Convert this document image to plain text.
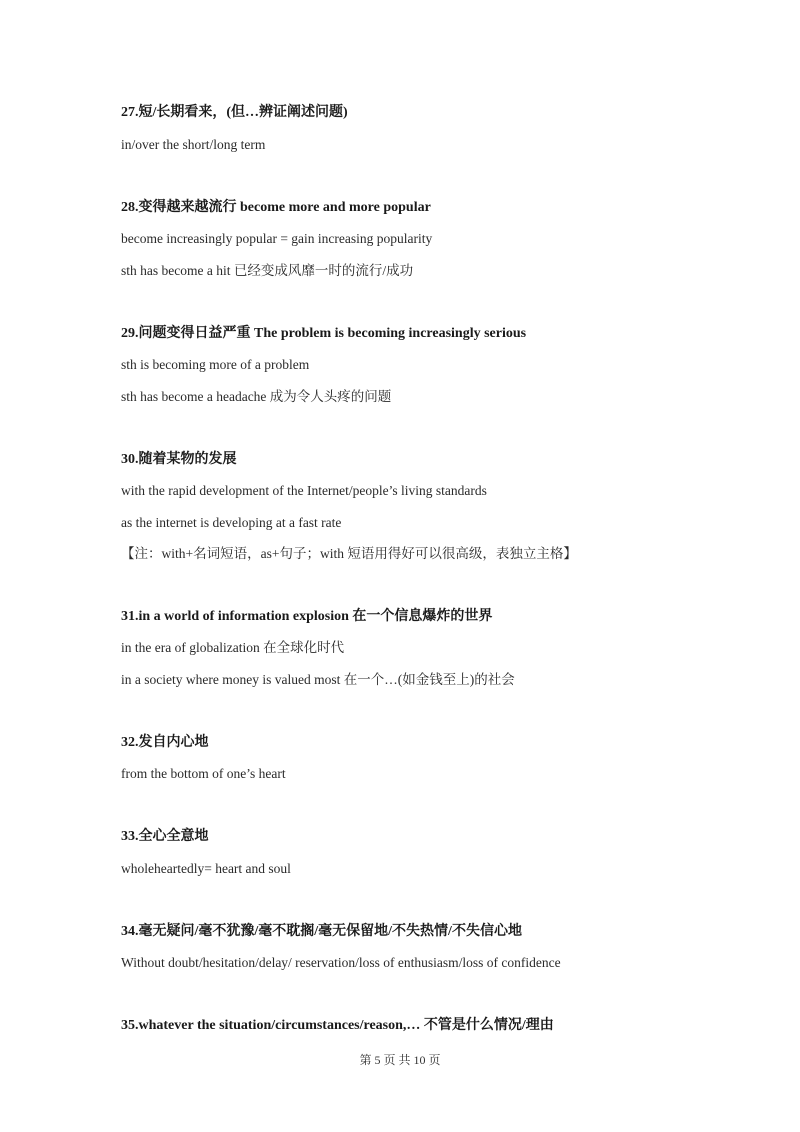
27.短/长期看来，(但…辨证阐述问题)
in/over the short/long term
28.变得越来越流行 become more and more popular
become increasingly popular = gain increasing popularity
sth has become a hit 已经变成风靡一时的流行/成功
29.问题变得日益严重 The problem is becoming increasingly serious
sth is becoming more of a problem
sth has become a headache 成为令人头疼的问题
30.随着某物的发展
with the rapid development of the Internet/people’s living standards
as the internet is developing at a fast rate
【注：with+名词短语，as+句子；with 短语用得好可以很高级，表独立主格】
31.in a world of information explosion 在一个信息爆炸的世界
in the era of globalization 在全球化时代
in a society where money is valued most 在一个…(如金钱至上)的社会
32.发自内心地
from the bottom of one’s heart
33.全心全意地
wholeheartedly= heart and soul
34.毫无疑问/毫不犹豫/毫不耽搁/毫无保留地/不失热情/不失信心地
Without doubt/hesitation/delay/ reservation/loss of enthusiasm/loss of confidence
35.whatever the situation/circumstances/reason,… 不管是什么情况/理由
第 5 页 共 10 页
